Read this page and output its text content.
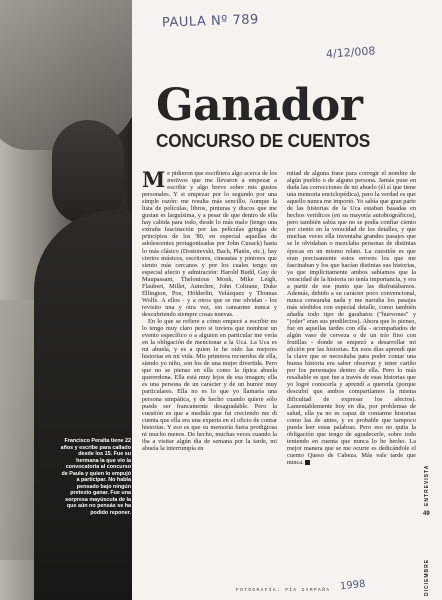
Francisco Peralta tiene 22 años y escribe para callado desde los 15. Fue su hermana la que vio la convocatoria al concurso de Paula y quien lo empujó a participar. No habla pensado bajo ningún pretexto ganar. Fue una sorpresa mayúscula de la que aún no pensás se ha podido reponer.
PAULA Nº 789
4/12/008
1998
Ganador
CONCURSO DE CUENTOS
M e pidieron que escribiera algo acerca de los motivos que me llevaron a empezar a escribir y algo breve sobre mis gustos personales. Y si empezar por lo segundo por una simple razón: me resulta más sencillo. Aunque la lista de películas, libros, pinturas y discos que me gustan es larguísima, y a pesar de que dentro de ella hay cabida para todo, desde lo más malo (tengo una extraña fascinación por las películas gringas de principios de los '80, en especial aquellas de adolescentes protagonizadas por John Cusack) hasta lo más clásico (Dostoievski, Bach, Platón, etc.), hay ciertos músicos, escritores, cineastas y pintores que siento más cercanos y por los cuales tengo un especial afecto y admiración: Harold Budd, Guy de Maupassant, Thelonious Monk, Mike Leigh, Flaubert, Millet, Autechre, John Coltrane, Duke Ellington, Poe, Hölderlin, Velázquez y Thomas Wolfe. A ellos - y a otros que se me olvidan - los revisito una y otra vez, sin cansarme nunca y descubriendo siempre cosas nuevas.

En lo que se refiere a cómo empecé a escribir no lo tengo muy claro pero si tuviera que nombrar un evento específico o a alguien en particular me vería en la obligación de mencionar a la Uca. La Uca es mi abuela, y es a quien le he oído las mejores historias en mi vida. Mis primeros recuerdos de ella, siendo yo niño, son los de una mujer divertida. Pero que no se piense en ella como la típica abuela quererdona. Ella está muy lejos de esa imagen; ella es una persona de un carácter y de un humor muy particulares. Ella no es lo que yo llamaría una persona simpática, y de hecho cuando quiere sólo puede ser francamente desagradable. Pero la cuestión es que a medida que fui creciendo me di cuenta que ella era una experta en el oficio de contar historias. Y eso es que su memoria fuera prodigiosa ni mucho menos. De hecho, muchas veces cuando la iba a visitar algún día de semana por la tarde, mi abuela la interrumpía en

mitad de alguna frase para corregir el nombre de algún pueblo o de alguna persona. Jamás puse en duda las correcciones de mi abuelo (él sí que tiene una memoria enciclopédica), pero la verdad es que aquello nunca me importó. Yo sabía que gran parte de las historias de la Uca estaban basadas en hechos verídicos (en su mayoría autobiográficos), pero también sabía que no se podía confiar ciento por ciento en la veracidad de los detalles, y que muchas veces ella inventaba grandes pasajes que se le olvidaban o mezclaba personas de distintas épocas en un mismo relato. La cuestión es que eran precisamente estos errores los que me fascinaban y los que hacían distintas sus historias, ya que implícitamente ambos sabíamos que la veracidad de la historia no tenía importancia, y era a partir de ese punto que las disfrutábamos. Además, debido a su carácter poco convencional, nunca censuraba nada y me narraba los pasajes más sórdidos con especial detalle, como también añadía todo tipo de garabatos ("huevones" y "joder" eran sus predilectos). Ahora que lo pienso, fue en aquellas tardes con ella - acompañados de algún vaso de cerveza o de un trío fino con frutillas - donde se empezó a desarrollar mi afición por las historias. En esos días aprendí que la clave que se necesitaba para poder contar una buena historia era saber observar y tener cariño por los personajes dentro de ella. Pero lo más resaltable es que fue a través de esas historias que yo logré conocerla y aprendí a quererla (porque descubrí que ambos compartíamos la misma dificultad de expresar los afectos). Lamentablemente hoy en día, por problemas de salud, ella ya no es capaz de contarme historias como las de antes, y es probable que tampoco pueda leer estas palabras. Pero eso no quita la obligación que tengo de agradecerle, sobre todo teniendo en cuenta que nunca lo he hecho. La mejor manera que se me ocurre es dedicándole el cuento Queso de Cabeza. Más vale tarde que nunca.

FOTOGRAFÍA: PÍA CAMPAÑA
ENTREVISTA
49
DICIEMBRE
